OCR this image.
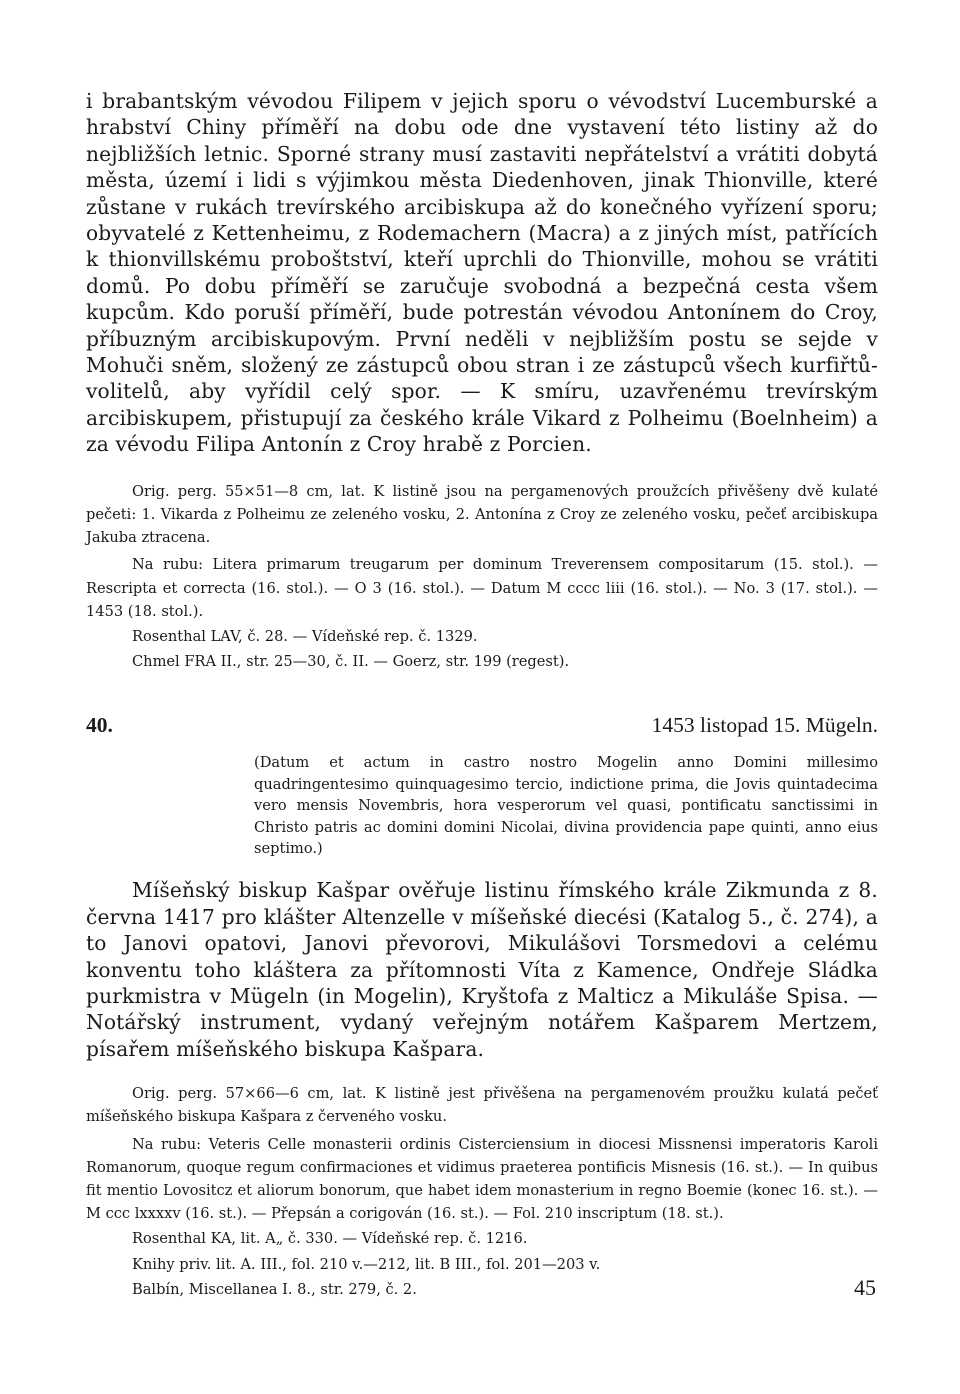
i brabantským vévodou Filipem v jejich sporu o vévodství Lucemburské a hrabství Chiny příměří na dobu ode dne vystavení této listiny až do nejbližších letnic. Sporné strany musí zastaviti nepřátelství a vrátiti dobytá města, území i lidi s výjimkou města Diedenhoven, jinak Thionville, které zůstane v rukách trevírského arcibiskupa až do konečného vyřízení sporu; obyvatelé z Kettenheimu, z Rodemachern (Macra) a z jiných míst, patřících k thionvillskému proboštství, kteří uprchli do Thionville, mohou se vrátiti domů. Po dobu příměří se zaručuje svobodná a bezpečná cesta všem kupcům. Kdo poruší příměří, bude potrestán vévodou Antonínem do Croy, příbuzným arcibiskupovým. První neděli v nejbližším postu se sejde v Mohuči sněm, složený ze zástupců obou stran i ze zástupců všech kurfiřtů-volitelů, aby vyřídil celý spor. — K smíru, uzavřenému trevírským arcibiskupem, přistupují za českého krále Vikard z Polheimu (Boelnheim) a za vévodu Filipa Antonín z Croy hrabě z Porcien.

Orig. perg. 55×51—8 cm, lat. K listině jsou na pergamenových proužcích přivěšeny dvě kulaté pečeti: 1. Vikarda z Polheimu ze zeleného vosku, 2. Antonína z Croy ze zeleného vosku, pečeť arcibiskupa Jakuba ztracena.

Na rubu: Litera primarum treugarum per dominum Treverensem compositarum (15. stol.). — Rescripta et correcta (16. stol.). — O 3 (16. stol.). — Datum M cccc liii (16. stol.). — No. 3 (17. stol.). — 1453 (18. stol.).

Rosenthal LAV, č. 28. — Vídeňské rep. č. 1329.

Chmel FRA II., str. 25—30, č. II. — Goerz, str. 199 (regest).

40.	1453 listopad 15. Mügeln.

(Datum et actum in castro nostro Mogelin anno Domini millesimo quadringentesimo quinquagesimo tercio, indictione prima, die Jovis quintadecima vero mensis Novembris, hora vesperorum vel quasi, pontificatu sanctissimi in Christo patris ac domini domini Nicolai, divina providencia pape quinti, anno eius septimo.)

Míšeňský biskup Kašpar ověřuje listinu římského krále Zikmunda z 8. června 1417 pro klášter Altenzelle v míšeňské diecési (Katalog 5., č. 274), a to Janovi opatovi, Janovi převorovi, Mikulášovi Torsmedovi a celému konventu toho kláštera za přítomnosti Víta z Kamence, Ondřeje Sládka purkmistra v Mügeln (in Mogelin), Kryštofa z Malticz a Mikuláše Spisa. — Notářský instrument, vydaný veřejným notářem Kašparem Mertzem, písařem míšeňského biskupa Kašpara.

Orig. perg. 57×66—6 cm, lat. K listině jest přivěšena na pergamenovém proužku kulatá pečeť míšeňského biskupa Kašpara z červeného vosku.

Na rubu: Veteris Celle monasterii ordinis Cisterciensium in diocesi Missnensi imperatoris Karoli Romanorum, quoque regum confirmaciones et vidimus praeterea pontificis Misnesis (16. st.). — In quibus fit mentio Lovositcz et aliorum bonorum, que habet idem monasterium in regno Boemie (konec 16. st.). — M ccc lxxxxv (16. st.). — Přepsán a corigován (16. st.). — Fol. 210 inscriptum (18. st.).

Rosenthal KA, lit. A„ č. 330. — Vídeňské rep. č. 1216.

Knihy priv. lit. A. III., fol. 210 v.—212, lit. B III., fol. 201—203 v.

Balbín, Miscellanea I. 8., str. 279, č. 2.	45
